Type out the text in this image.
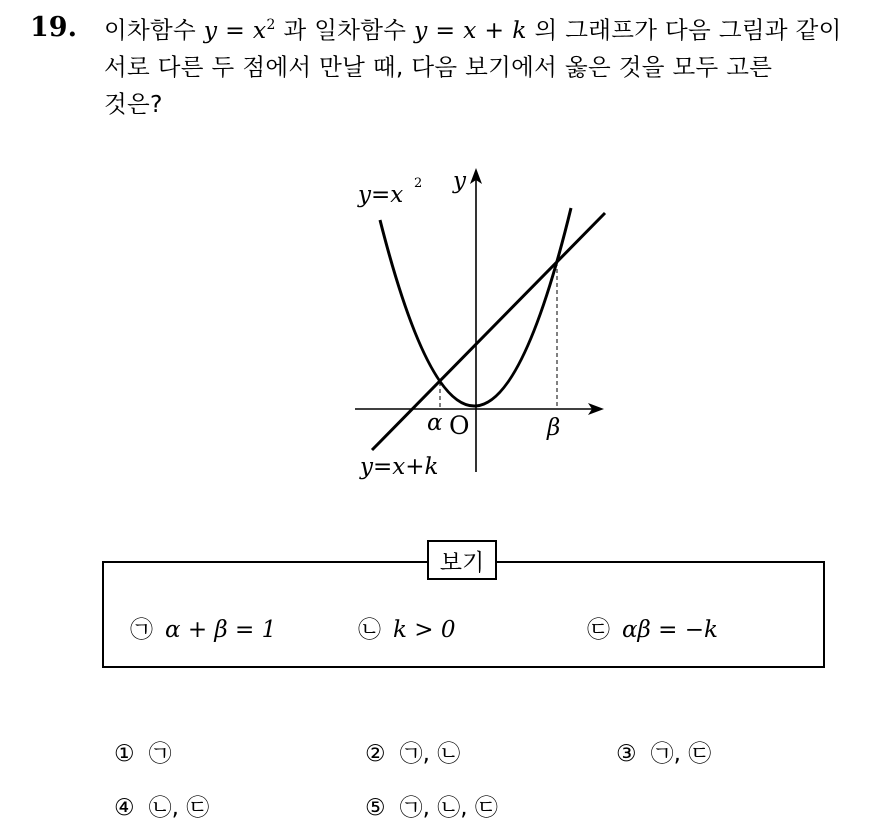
19. 이차함수 $y = x^2$ 과 일차함수 y = x + k 의 그래프가 다음 그림과 같이
서로 다른 두 점에서 만날 때, 다음 보기에서 옳은 것을 모두 고른
것은?
y=x 2 y
α O	β
y=x+k
보기
㉠ α + β = 1	㉡ k > 0	㉢ αβ = −k
① ㉠	② ㉠, ㉡	③ ㉠, ㉢
④ ㉡, ㉢	⑤ ㉠, ㉡, ㉢
